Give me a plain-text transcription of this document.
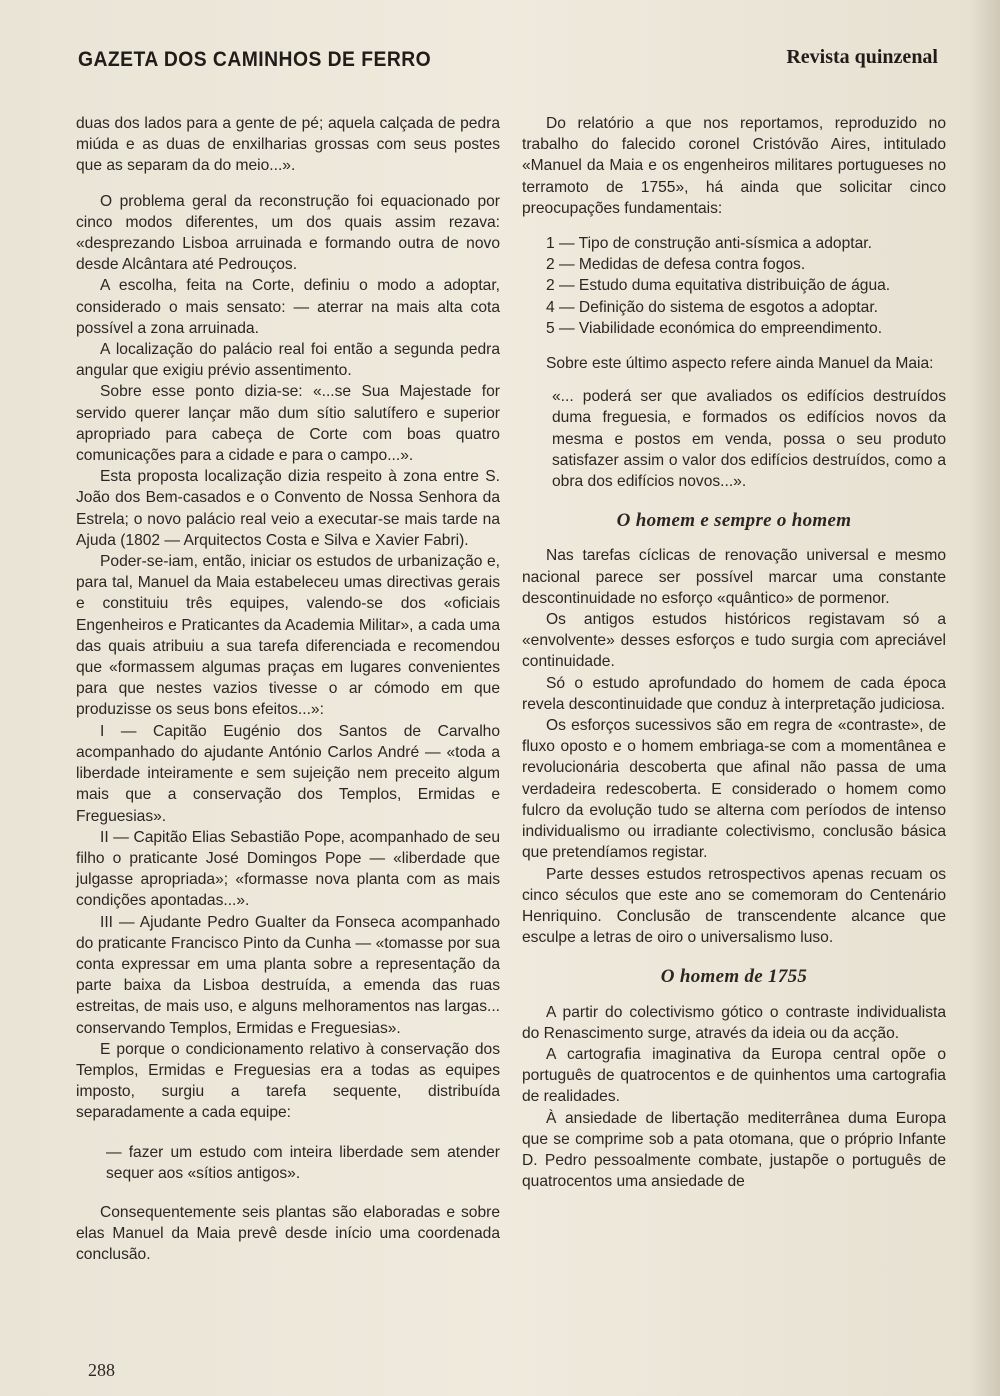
GAZETA DOS CAMINHOS DE FERRO	Revista quinzenal

duas dos lados para a gente de pé; aquela calçada de pedra miúda e as duas de enxilharias grossas com seus postes que as separam da do meio...».

O problema geral da reconstrução foi equacionado por cinco modos diferentes, um dos quais assim rezava: «desprezando Lisboa arruinada e formando outra de novo desde Alcântara até Pedrouços.

A escolha, feita na Corte, definiu o modo a adoptar, considerado o mais sensato: — aterrar na mais alta cota possível a zona arruinada.

A localização do palácio real foi então a segunda pedra angular que exigiu prévio assentimento.

Sobre esse ponto dizia-se: «...se Sua Majestade for servido querer lançar mão dum sítio salutífero e superior apropriado para cabeça de Corte com boas quatro comunicações para a cidade e para o campo...».

Esta proposta localização dizia respeito à zona entre S. João dos Bem-casados e o Convento de Nossa Senhora da Estrela; o novo palácio real veio a executar-se mais tarde na Ajuda (1802 — Arquitectos Costa e Silva e Xavier Fabri).

Poder-se-iam, então, iniciar os estudos de urbanização e, para tal, Manuel da Maia estabeleceu umas directivas gerais e constituiu três equipes, valendo-se dos «oficiais Engenheiros e Praticantes da Academia Militar», a cada uma das quais atribuiu a sua tarefa diferenciada e recomendou que «formassem algumas praças em lugares convenientes para que nestes vazios tivesse o ar cómodo em que produzisse os seus bons efeitos...»:

I — Capitão Eugénio dos Santos de Carvalho acompanhado do ajudante António Carlos André — «toda a liberdade inteiramente e sem sujeição nem preceito algum mais que a conservação dos Templos, Ermidas e Freguesias».

II — Capitão Elias Sebastião Pope, acompanhado de seu filho o praticante José Domingos Pope — «liberdade que julgasse apropriada»; «formasse nova planta com as mais condições apontadas...».

III — Ajudante Pedro Gualter da Fonseca acompanhado do praticante Francisco Pinto da Cunha — «tomasse por sua conta expressar em uma planta sobre a representação da parte baixa da Lisboa destruída, a emenda das ruas estreitas, de mais uso, e alguns melhoramentos nas largas... conservando Templos, Ermidas e Freguesias».

E porque o condicionamento relativo à conservação dos Templos, Ermidas e Freguesias era a todas as equipes imposto, surgiu a tarefa sequente, distribuída separadamente a cada equipe:

— fazer um estudo com inteira liberdade sem atender sequer aos «sítios antigos».

Consequentemente seis plantas são elaboradas e sobre elas Manuel da Maia prevê desde início uma coordenada conclusão.

Do relatório a que nos reportamos, reproduzido no trabalho do falecido coronel Cristóvão Aires, intitulado «Manuel da Maia e os engenheiros militares portugueses no terramoto de 1755», há ainda que solicitar cinco preocupações fundamentais:

1 — Tipo de construção anti-sísmica a adoptar.
2 — Medidas de defesa contra fogos.
2 — Estudo duma equitativa distribuição de água.
4 — Definição do sistema de esgotos a adoptar.
5 — Viabilidade económica do empreendimento.

Sobre este último aspecto refere ainda Manuel da Maia:

«... poderá ser que avaliados os edifícios destruídos duma freguesia, e formados os edifícios novos da mesma e postos em venda, possa o seu produto satisfazer assim o valor dos edifícios destruídos, como a obra dos edifícios novos...».

O homem e sempre o homem

Nas tarefas cíclicas de renovação universal e mesmo nacional parece ser possível marcar uma constante descontinuidade no esforço «quântico» de pormenor.

Os antigos estudos históricos registavam só a «envolvente» desses esforços e tudo surgia com apreciável continuidade.

Só o estudo aprofundado do homem de cada época revela descontinuidade que conduz à interpretação judiciosa.

Os esforços sucessivos são em regra de «contraste», de fluxo oposto e o homem embriaga-se com a momentânea e revolucionária descoberta que afinal não passa de uma verdadeira redescoberta. E considerado o homem como fulcro da evolução tudo se alterna com períodos de intenso individualismo ou irradiante colectivismo, conclusão básica que pretendíamos registar.

Parte desses estudos retrospectivos apenas recuam os cinco séculos que este ano se comemoram do Centenário Henriquino. Conclusão de transcendente alcance que esculpe a letras de oiro o universalismo luso.

O homem de 1755

A partir do colectivismo gótico o contraste individualista do Renascimento surge, através da ideia ou da acção.

A cartografia imaginativa da Europa central opõe o português de quatrocentos e de quinhentos uma cartografia de realidades.

À ansiedade de libertação mediterrânea duma Europa que se comprime sob a pata otomana, que o próprio Infante D. Pedro pessoalmente combate, justapõe o português de quatrocentos uma ansiedade de

288
